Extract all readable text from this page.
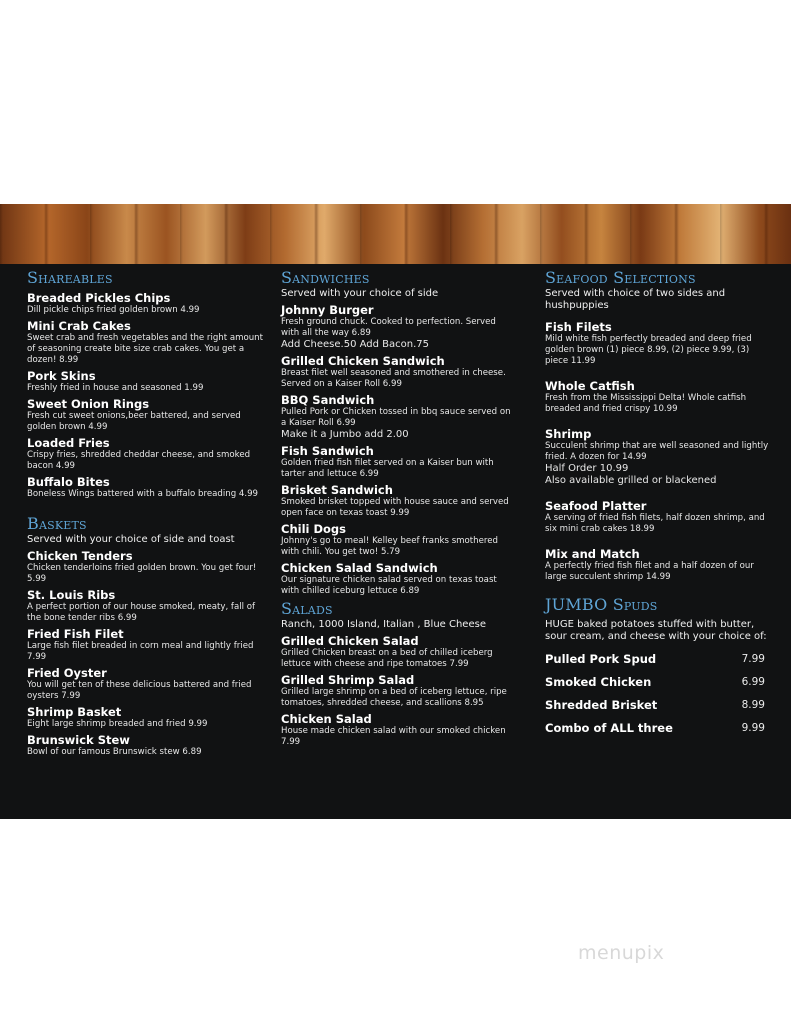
Shareables
Breaded Pickles Chips
Dill pickle chips fried golden brown 4.99
Mini Crab Cakes
Sweet crab and fresh vegetables and the right amount of seasoning create bite size crab cakes. You get a dozen! 8.99
Pork Skins
Freshly fried in house and seasoned 1.99
Sweet Onion Rings
Fresh cut sweet onions,beer battered, and served golden brown 4.99
Loaded Fries
Crispy fries, shredded cheddar cheese, and smoked bacon 4.99
Buffalo Bites
Boneless Wings battered with a buffalo breading 4.99
Baskets
Served with your choice of side and toast
Chicken Tenders
Chicken tenderloins fried golden brown. You get four! 5.99
St. Louis Ribs
A perfect portion of our house smoked, meaty, fall of the bone tender ribs 6.99
Fried Fish Filet
Large fish filet breaded in corn meal and lightly fried 7.99
Fried Oyster
You will get ten of these delicious battered and fried oysters 7.99
Shrimp Basket
Eight large shrimp breaded and fried 9.99
Brunswick Stew
Bowl of our famous Brunswick stew 6.89
Sandwiches
Served with your choice of side
Johnny Burger
Fresh ground chuck. Cooked to perfection. Served with all the way 6.89
Add Cheese.50 Add Bacon.75
Grilled Chicken Sandwich
Breast filet well seasoned and smothered in cheese. Served on a Kaiser Roll 6.99
BBQ Sandwich
Pulled Pork or Chicken tossed in bbq sauce served on a Kaiser Roll 6.99
Make it a Jumbo add 2.00
Fish Sandwich
Golden fried fish filet served on a Kaiser bun with tarter and lettuce 6.99
Brisket Sandwich
Smoked brisket topped with house sauce and served open face on texas toast 9.99
Chili Dogs
Johnny's go to meal! Kelley beef franks smothered with chili. You get two! 5.79
Chicken Salad Sandwich
Our signature chicken salad served on texas toast with chilled iceburg lettuce 6.89
Salads
Ranch, 1000 Island, Italian , Blue Cheese
Grilled Chicken Salad
Grilled Chicken breast on a bed of chilled iceberg lettuce with cheese and ripe tomatoes 7.99
Grilled Shrimp Salad
Grilled large shrimp on a bed of iceberg lettuce, ripe tomatoes, shredded cheese, and scallions 8.95
Chicken Salad
House made chicken salad with our smoked chicken 7.99
Seafood Selections
Served with choice of two sides and hushpuppies
Fish Filets
Mild white fish perfectly breaded and deep fried golden brown (1) piece 8.99, (2) piece 9.99, (3) piece 11.99
Whole Catfish
Fresh from the Mississippi Delta! Whole catfish breaded and fried crispy 10.99
Shrimp
Succulent shrimp that are well seasoned and lightly fried. A dozen for 14.99
Half Order 10.99
Also available grilled or blackened
Seafood Platter
A serving of fried fish filets, half dozen shrimp, and six mini crab cakes 18.99
Mix and Match
A perfectly fried fish filet and a half dozen of our large succulent shrimp 14.99
JUMBO Spuds
HUGE baked potatoes stuffed with butter, sour cream, and cheese with your choice of:
Pulled Pork Spud	7.99
Smoked Chicken	6.99
Shredded Brisket	8.99
Combo of ALL three	9.99
menupix
